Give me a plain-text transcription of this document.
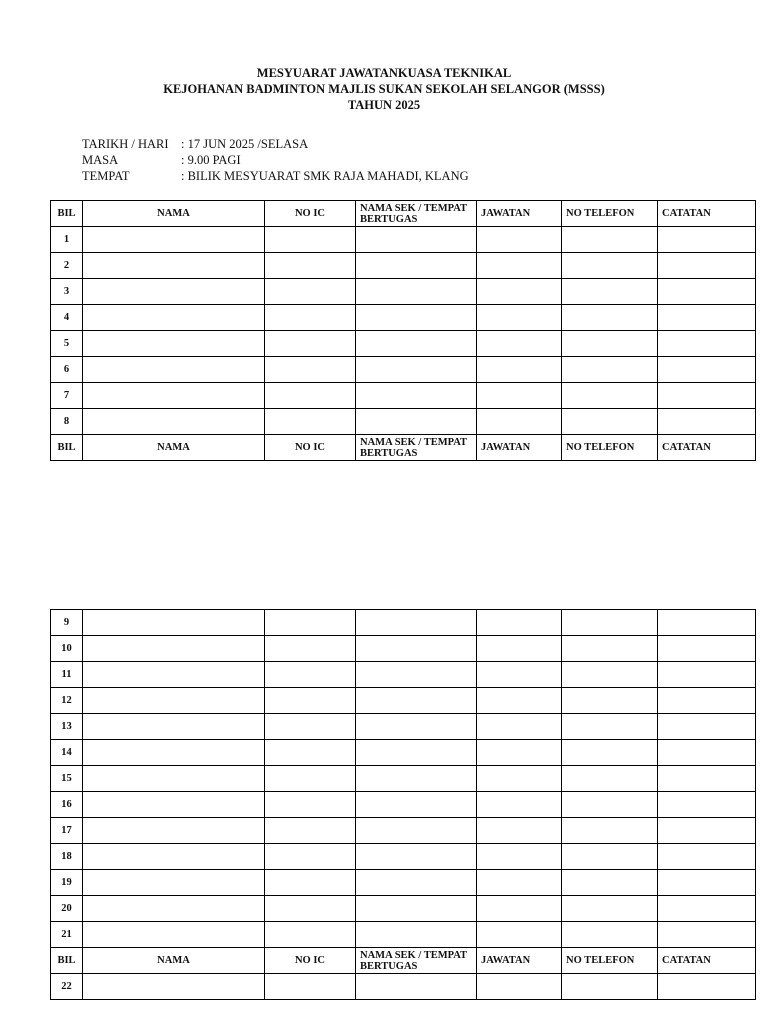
MESYUARAT JAWATANKUASA TEKNIKAL
KEJOHANAN BADMINTON MAJLIS SUKAN SEKOLAH SELANGOR (MSSS)
TAHUN 2025
TARIKH / HARI	: 17 JUN 2025 /SELASA
MASA	: 9.00 PAGI
TEMPAT	: BILIK MESYUARAT SMK RAJA MAHADI, KLANG
BIL	NAMA	NO IC	NAMA SEK / TEMPAT BERTUGAS	JAWATAN	NO TELEFON	CATATAN
1						
2						
3						
4						
5						
6						
7						
8						
BIL	NAMA	NO IC	NAMA SEK / TEMPAT BERTUGAS	JAWATAN	NO TELEFON	CATATAN
9						
10						
11						
12						
13						
14						
15						
16						
17						
18						
19						
20						
21						
BIL	NAMA	NO IC	NAMA SEK / TEMPAT BERTUGAS	JAWATAN	NO TELEFON	CATATAN
22						
